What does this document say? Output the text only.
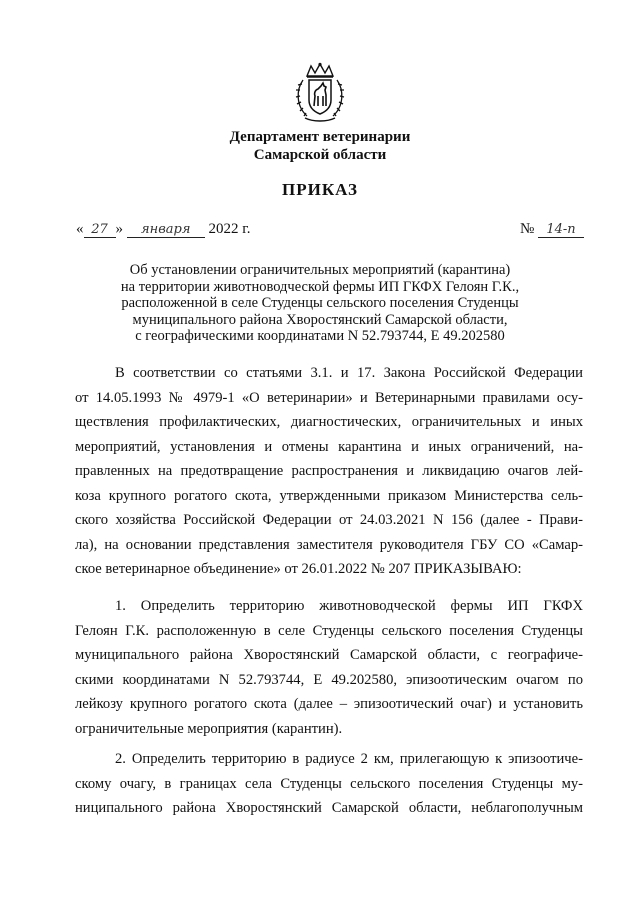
Департамент ветеринарии
Самарской области
ПРИКАЗ
« 27 » января 2022 г.	№ 14-п
Об установлении ограничительных мероприятий (карантина)
на территории животноводческой фермы ИП ГКФХ Гелоян Г.К.,
расположенной в селе Студенцы сельского поселения Студенцы
муниципального района Хворостянский Самарской области,
с географическими координатами N 52.793744, E 49.202580
В соответствии со статьями 3.1. и 17. Закона Российской Федерации
от 14.05.1993 № 4979-1 «О ветеринарии» и Ветеринарными правилами осу-
ществления профилактических, диагностических, ограничительных и иных
мероприятий, установления и отмены карантина и иных ограничений, на-
правленных на предотвращение распространения и ликвидацию очагов лей-
коза крупного рогатого скота, утвержденными приказом Министерства сель-
ского хозяйства Российской Федерации от 24.03.2021 N 156 (далее - Прави-
ла), на основании представления заместителя руководителя ГБУ СО «Самар-
ское ветеринарное объединение» от 26.01.2022 № 207 ПРИКАЗЫВАЮ:
1. Определить территорию животноводческой фермы ИП ГКФХ
Гелоян Г.К. расположенную в селе Студенцы сельского поселения Студенцы
муниципального района Хворостянский Самарской области, с географиче-
скими координатами N 52.793744, E 49.202580, эпизоотическим очагом по
лейкозу крупного рогатого скота (далее – эпизоотический очаг) и установить
ограничительные мероприятия (карантин).
2. Определить территорию в радиусе 2 км, прилегающую к эпизоотиче-
скому очагу, в границах села Студенцы сельского поселения Студенцы му-
ниципального района Хворостянский Самарской области, неблагополучным
